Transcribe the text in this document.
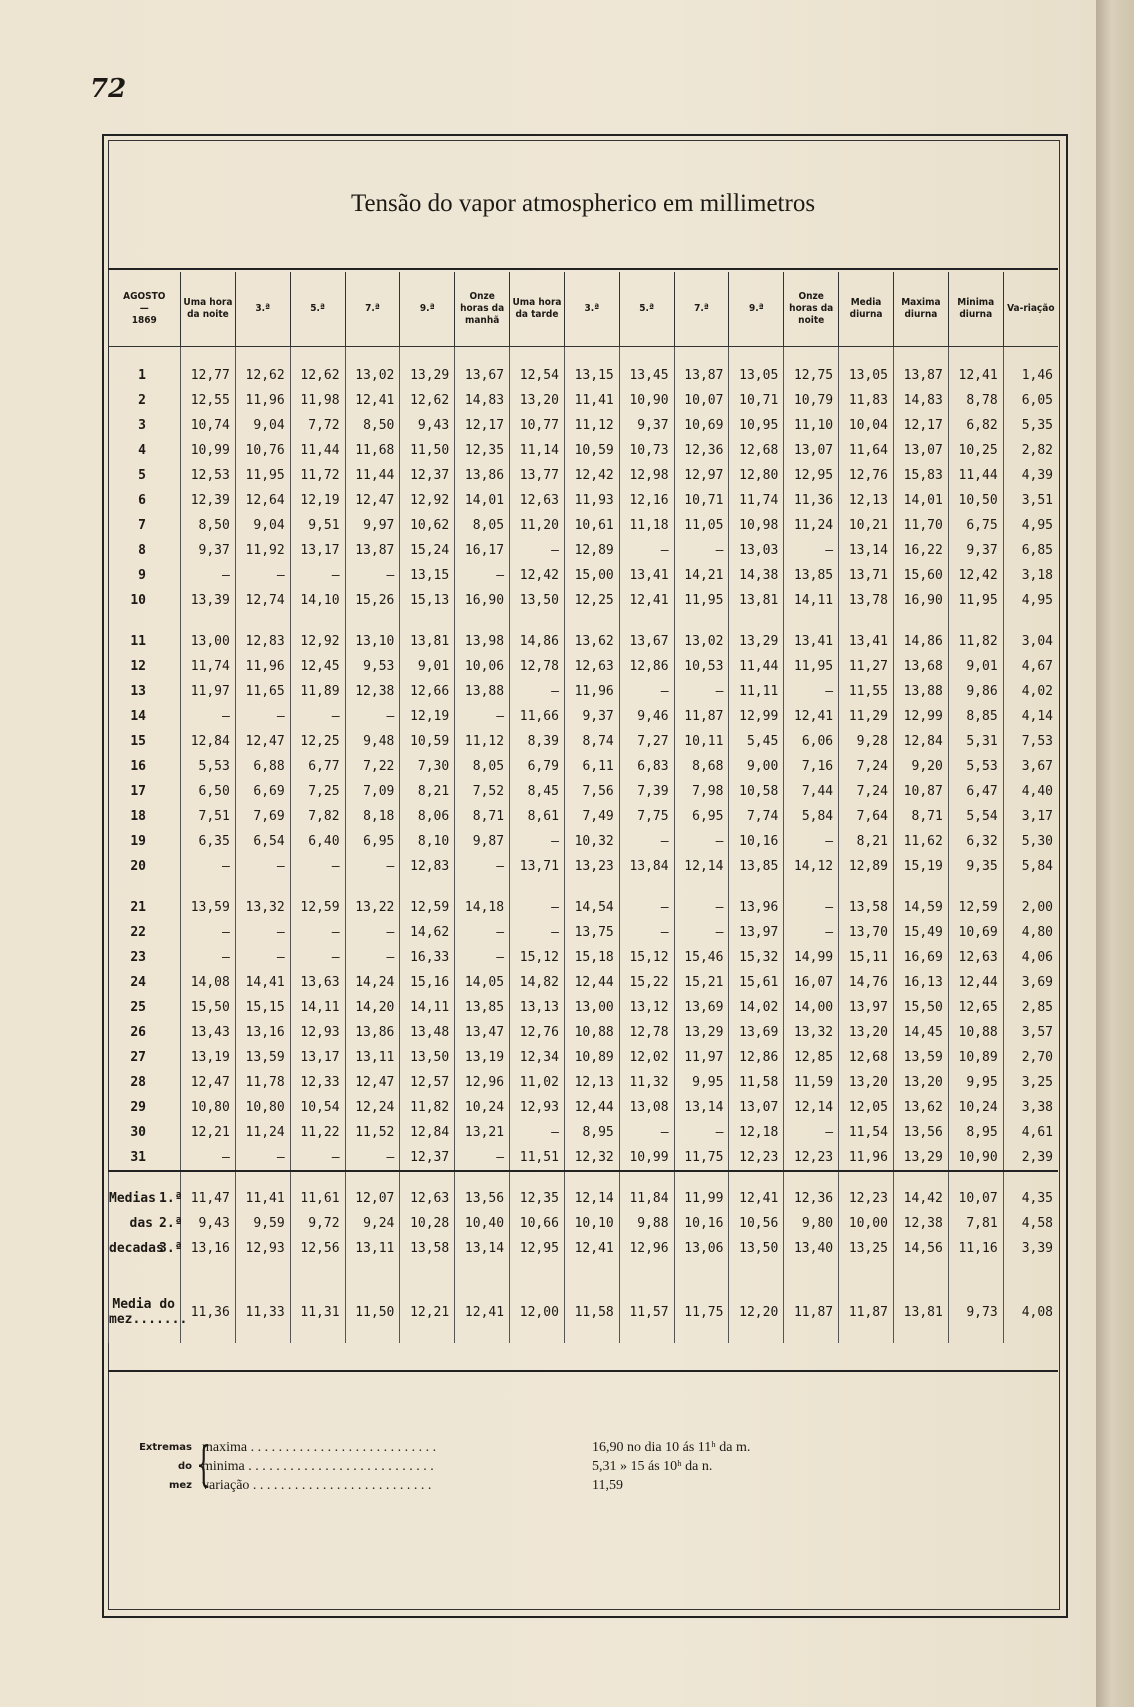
72
Tensão do vapor atmospherico em millimetros
AGOSTO
—
1869	Uma hora da noite	3.ª	5.ª	7.ª	9.ª	Onze horas da manhã	Uma hora da tarde	3.ª	5.ª	7.ª	9.ª	Onze horas da noite	Media diurna	Maxima diurna	Minima diurna	Va-riação
1	12,77	12,62	12,62	13,02	13,29	13,67	12,54	13,15	13,45	13,87	13,05	12,75	13,05	13,87	12,41	1,46
2	12,55	11,96	11,98	12,41	12,62	14,83	13,20	11,41	10,90	10,07	10,71	10,79	11,83	14,83	8,78	6,05
3	10,74	9,04	7,72	8,50	9,43	12,17	10,77	11,12	9,37	10,69	10,95	11,10	10,04	12,17	6,82	5,35
4	10,99	10,76	11,44	11,68	11,50	12,35	11,14	10,59	10,73	12,36	12,68	13,07	11,64	13,07	10,25	2,82
5	12,53	11,95	11,72	11,44	12,37	13,86	13,77	12,42	12,98	12,97	12,80	12,95	12,76	15,83	11,44	4,39
6	12,39	12,64	12,19	12,47	12,92	14,01	12,63	11,93	12,16	10,71	11,74	11,36	12,13	14,01	10,50	3,51
7	8,50	9,04	9,51	9,97	10,62	8,05	11,20	10,61	11,18	11,05	10,98	11,24	10,21	11,70	6,75	4,95
8	9,37	11,92	13,17	13,87	15,24	16,17	—	12,89	—	—	13,03	—	13,14	16,22	9,37	6,85
9	—	—	—	—	13,15	—	12,42	15,00	13,41	14,21	14,38	13,85	13,71	15,60	12,42	3,18
10	13,39	12,74	14,10	15,26	15,13	16,90	13,50	12,25	12,41	11,95	13,81	14,11	13,78	16,90	11,95	4,95
11	13,00	12,83	12,92	13,10	13,81	13,98	14,86	13,62	13,67	13,02	13,29	13,41	13,41	14,86	11,82	3,04
12	11,74	11,96	12,45	9,53	9,01	10,06	12,78	12,63	12,86	10,53	11,44	11,95	11,27	13,68	9,01	4,67
13	11,97	11,65	11,89	12,38	12,66	13,88	—	11,96	—	—	11,11	—	11,55	13,88	9,86	4,02
14	—	—	—	—	12,19	—	11,66	9,37	9,46	11,87	12,99	12,41	11,29	12,99	8,85	4,14
15	12,84	12,47	12,25	9,48	10,59	11,12	8,39	8,74	7,27	10,11	5,45	6,06	9,28	12,84	5,31	7,53
16	5,53	6,88	6,77	7,22	7,30	8,05	6,79	6,11	6,83	8,68	9,00	7,16	7,24	9,20	5,53	3,67
17	6,50	6,69	7,25	7,09	8,21	7,52	8,45	7,56	7,39	7,98	10,58	7,44	7,24	10,87	6,47	4,40
18	7,51	7,69	7,82	8,18	8,06	8,71	8,61	7,49	7,75	6,95	7,74	5,84	7,64	8,71	5,54	3,17
19	6,35	6,54	6,40	6,95	8,10	9,87	—	10,32	—	—	10,16	—	8,21	11,62	6,32	5,30
20	—	—	—	—	12,83	—	13,71	13,23	13,84	12,14	13,85	14,12	12,89	15,19	9,35	5,84
21	13,59	13,32	12,59	13,22	12,59	14,18	—	14,54	—	—	13,96	—	13,58	14,59	12,59	2,00
22	—	—	—	—	14,62	—	—	13,75	—	—	13,97	—	13,70	15,49	10,69	4,80
23	—	—	—	—	16,33	—	15,12	15,18	15,12	15,46	15,32	14,99	15,11	16,69	12,63	4,06
24	14,08	14,41	13,63	14,24	15,16	14,05	14,82	12,44	15,22	15,21	15,61	16,07	14,76	16,13	12,44	3,69
25	15,50	15,15	14,11	14,20	14,11	13,85	13,13	13,00	13,12	13,69	14,02	14,00	13,97	15,50	12,65	2,85
26	13,43	13,16	12,93	13,86	13,48	13,47	12,76	10,88	12,78	13,29	13,69	13,32	13,20	14,45	10,88	3,57
27	13,19	13,59	13,17	13,11	13,50	13,19	12,34	10,89	12,02	11,97	12,86	12,85	12,68	13,59	10,89	2,70
28	12,47	11,78	12,33	12,47	12,57	12,96	11,02	12,13	11,32	9,95	11,58	11,59	13,20	13,20	9,95	3,25
29	10,80	10,80	10,54	12,24	11,82	10,24	12,93	12,44	13,08	13,14	13,07	12,14	12,05	13,62	10,24	3,38
30	12,21	11,24	11,22	11,52	12,84	13,21	—	8,95	—	—	12,18	—	11,54	13,56	8,95	4,61
31	—	—	—	—	12,37	—	11,51	12,32	10,99	11,75	12,23	12,23	11,96	13,29	10,90	2,39
Medias 1.ª	11,47	11,41	11,61	12,07	12,63	13,56	12,35	12,14	11,84	11,99	12,41	12,36	12,23	14,42	10,07	4,35
das 2.ª	9,43	9,59	9,72	9,24	10,28	10,40	10,66	10,10	9,88	10,16	10,56	9,80	10,00	12,38	7,81	4,58
decadas3.ª	13,16	12,93	12,56	13,11	13,58	13,14	12,95	12,41	12,96	13,06	13,50	13,40	13,25	14,56	11,16	3,39

Media do
mez.......	11,36	11,33	11,31	11,50	12,21	12,41	12,00	11,58	11,57	11,75	12,20	11,87	11,87	13,81	9,73	4,08
Extremas
do
mez {
maxima . . . . . . . . . . . . . . . . . . . . . . . . . . .	16,90 no dia 10 ás 11ʰ da m.
minima . . . . . . . . . . . . . . . . . . . . . . . . . . .	5,31 » 15 ás 10ʰ da n.
variação . . . . . . . . . . . . . . . . . . . . . . . . . .	11,59
